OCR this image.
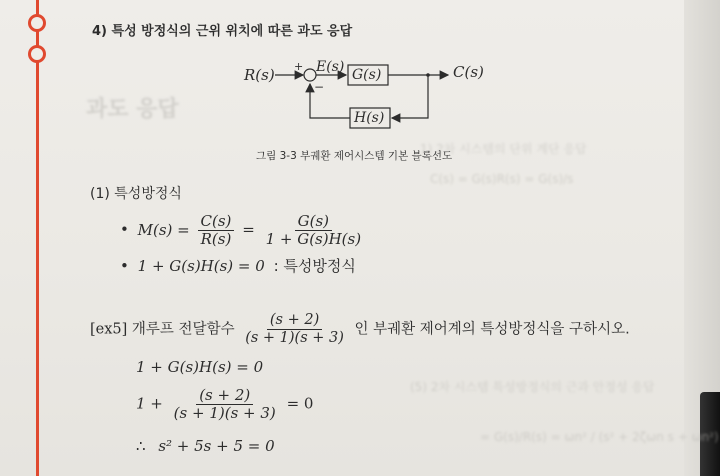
과도 응답
1) 2차 시스템의 단위 계단 응답
C(s) = G(s)R(s) = G(s)/s
(5) 2차 시스템 특성방정식의 근과 안정성 응답
= G(s)/R(s) = ωn² / (s² + 2ζωn s + ωn²)
4) 특성 방정식의 근위 위치에 따른 과도 응답
R(s) +
−
E(s) G(s)	C(s)
H(s)
그림 3-3 부궤환 제어시스템 기본 블록선도
(1) 특성방정식
• $M(s) = \frac{C(s)}{R(s)} = \frac{G(s)}{1 + G(s)H(s)}$
• 1 + G(s)H(s) = 0 : 특성방정식
[ex5] 개루프 전달함수 $\frac{(s + 2)}{(s + 1)(s + 3)}$ 인 부궤환 제어계의 특성방정식을 구하시오.
1 + G(s)H(s) = 0
$1 + \frac{(s + 2)}{(s + 1)(s + 3)} = 0$
∴ s² + 5s + 5 = 0
